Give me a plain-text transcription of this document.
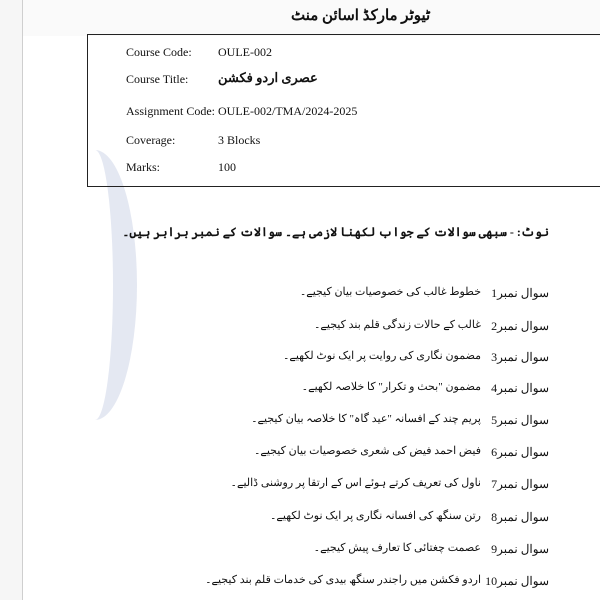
ٹیوٹر مارکڈ اسائن منٹ
Course Code: OULE-002
Course Title: عصری اردو فکشن
Assignment Code: OULE-002/TMA/2024-2025
Coverage:	3 Blocks
Marks:	100
نوٹ: - سبھی سوالات کے جواب لکھنا لازمی ہے۔ سوالات کے نمبر برابر ہیں۔
سوال نمبر1
خطوط غالب کی خصوصیات بیان کیجیے۔
سوال نمبر2
غالب کے حالات زندگی قلم بند کیجیے۔
سوال نمبر3
مضمون نگاری کی روایت پر ایک نوٹ لکھیے۔
سوال نمبر4
مضمون "بحث و تکرار" کا خلاصہ لکھیے۔
سوال نمبر5
پریم چند کے افسانہ "عید گاہ" کا خلاصہ بیان کیجیے۔
سوال نمبر6
فیض احمد فیض کی شعری خصوصیات بیان کیجیے۔
سوال نمبر7
ناول کی تعریف کرتے ہوئے اس کے ارتقا پر روشنی ڈالیے۔
سوال نمبر8
رتن سنگھ کی افسانہ نگاری پر ایک نوٹ لکھیے۔
سوال نمبر9
عصمت چغتائی کا تعارف پیش کیجیے۔
سوال نمبر10
اردو فکشن میں راجندر سنگھ بیدی کی خدمات قلم بند کیجیے۔
